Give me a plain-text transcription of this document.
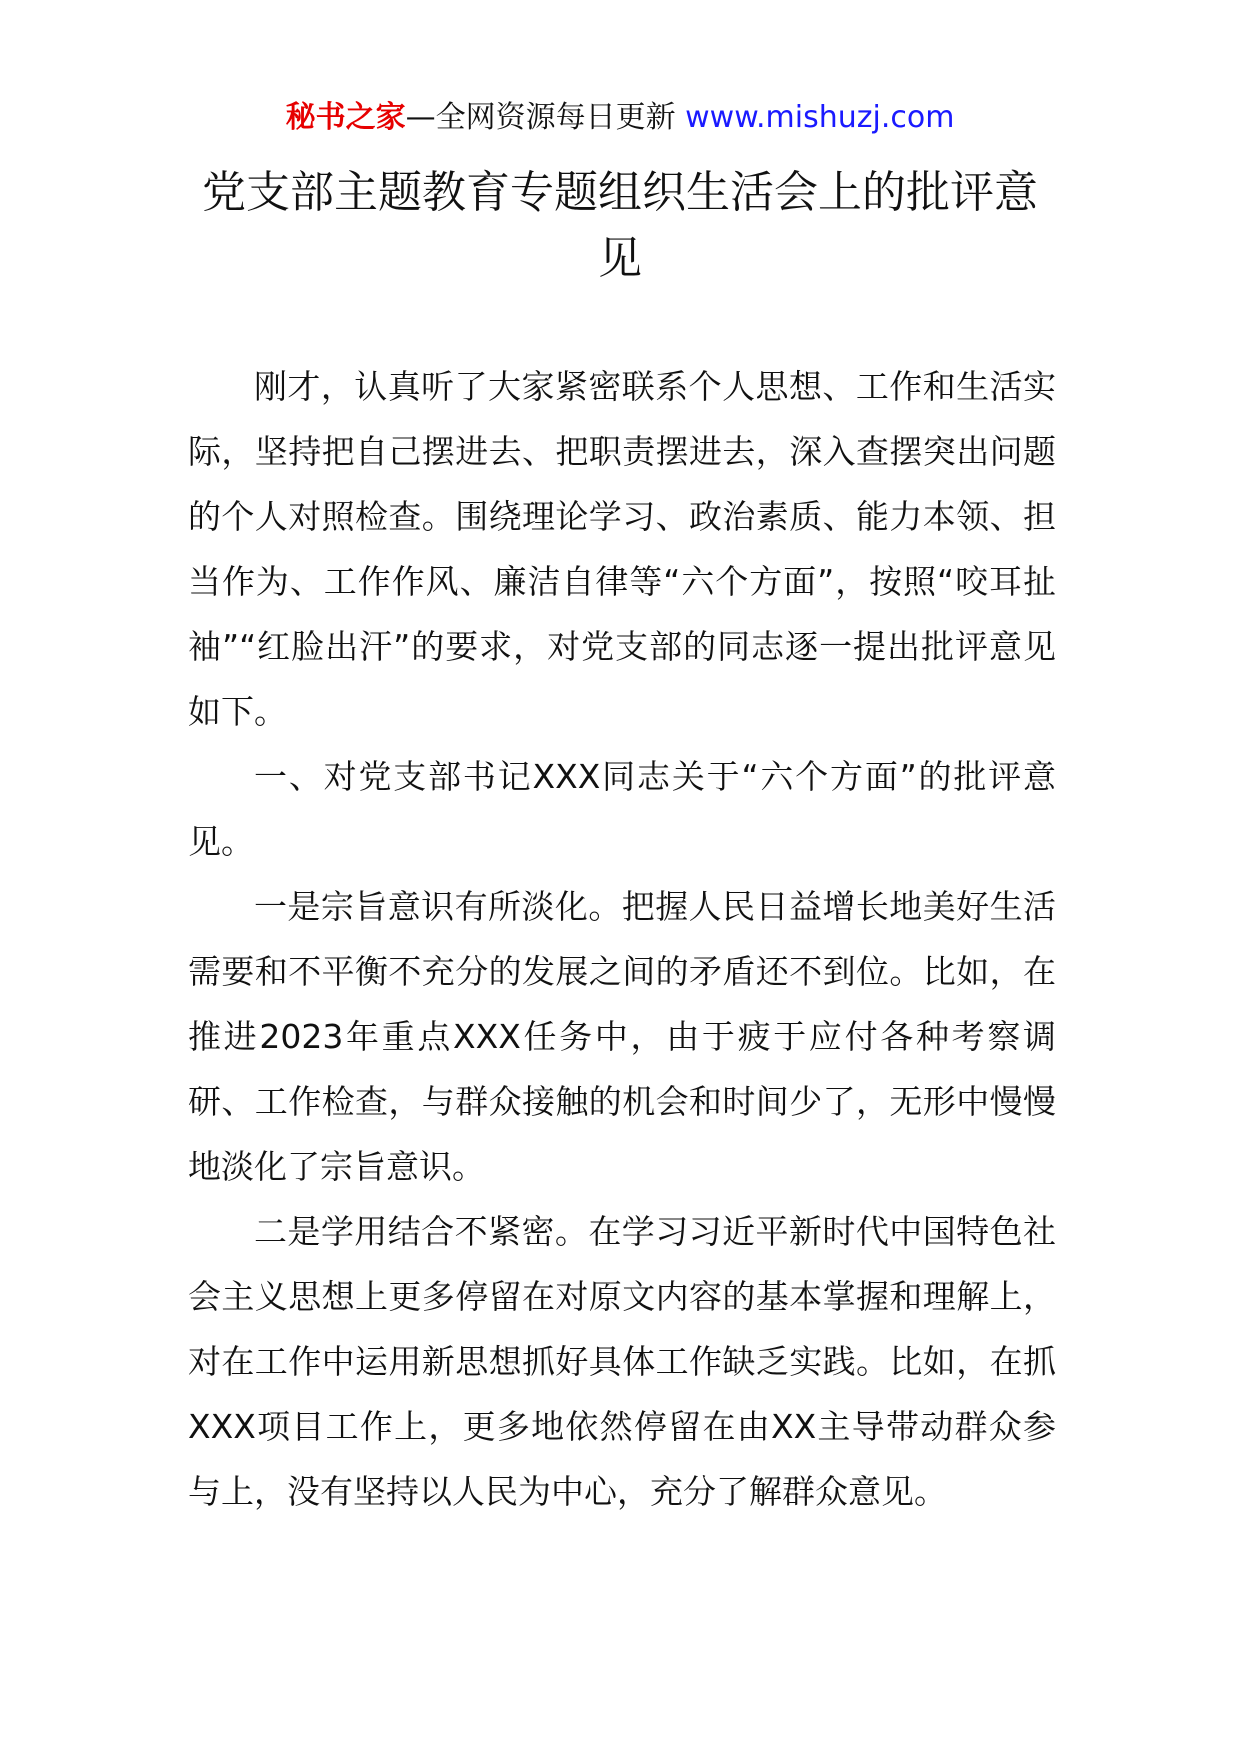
秘书之家—全网资源每日更新 www.mishuzj.com
党支部主题教育专题组织生活会上的批评意见

刚才，认真听了大家紧密联系个人思想、工作和生活实际，坚持把自己摆进去、把职责摆进去，深入查摆突出问题的个人对照检查。围绕理论学习、政治素质、能力本领、担当作为、工作作风、廉洁自律等“六个方面”，按照“咬耳扯袖”“红脸出汗”的要求，对党支部的同志逐一提出批评意见如下。

一、对党支部书记XXX同志关于“六个方面”的批评意见。

一是宗旨意识有所淡化。把握人民日益增长地美好生活需要和不平衡不充分的发展之间的矛盾还不到位。比如，在推进2023年重点XXX任务中，由于疲于应付各种考察调研、工作检查，与群众接触的机会和时间少了，无形中慢慢地淡化了宗旨意识。

二是学用结合不紧密。在学习习近平新时代中国特色社会主义思想上更多停留在对原文内容的基本掌握和理解上，对在工作中运用新思想抓好具体工作缺乏实践。比如，在抓XXX项目工作上，更多地依然停留在由XX主导带动群众参与上，没有坚持以人民为中心，充分了解群众意见。
